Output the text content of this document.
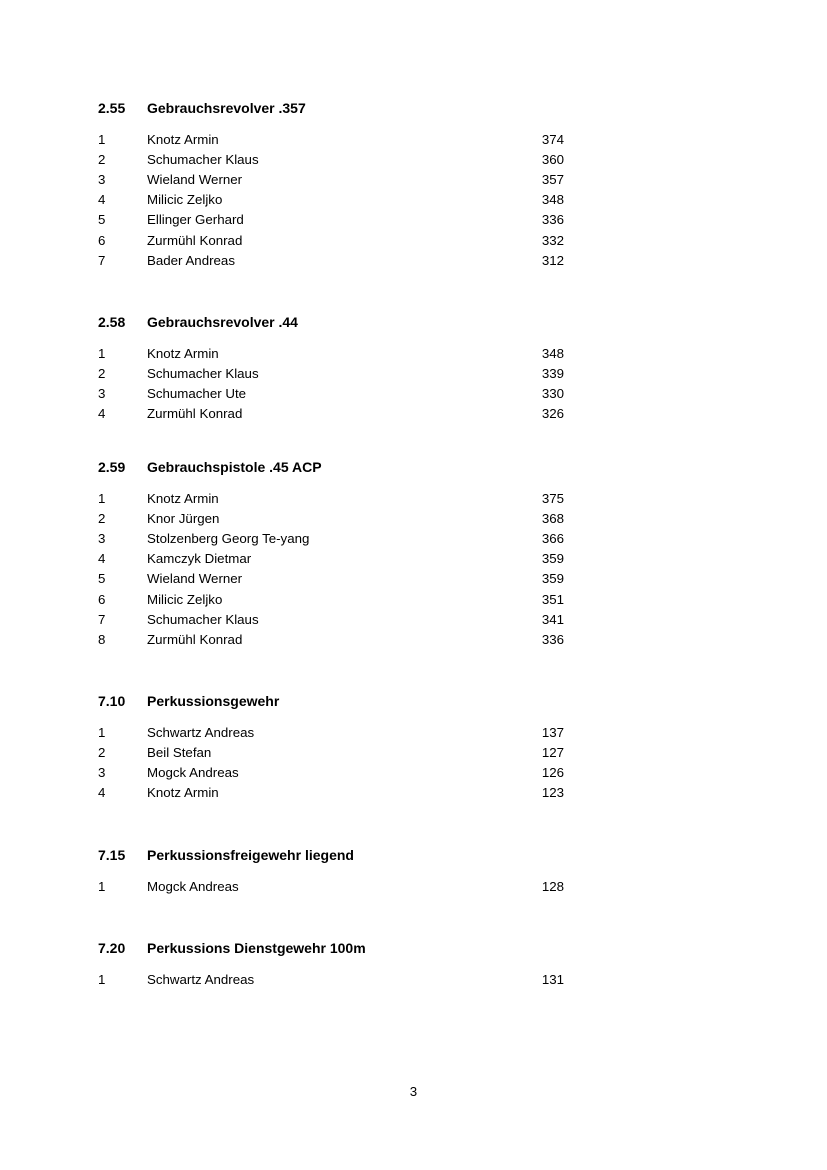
2.55 Gebrauchsrevolver .357
1	Knotz Armin	374
2	Schumacher Klaus	360
3	Wieland Werner	357
4	Milicic Zeljko	348
5	Ellinger Gerhard	336
6	Zurmühl Konrad	332
7	Bader Andreas	312
2.58 Gebrauchsrevolver .44
1	Knotz Armin	348
2	Schumacher Klaus	339
3	Schumacher Ute	330
4	Zurmühl Konrad	326
2.59 Gebrauchspistole .45 ACP
1	Knotz Armin	375
2	Knor Jürgen	368
3	Stolzenberg Georg Te-yang	366
4	Kamczyk Dietmar	359
5	Wieland Werner	359
6	Milicic Zeljko	351
7	Schumacher Klaus	341
8	Zurmühl Konrad	336
7.10 Perkussionsgewehr
1	Schwartz Andreas	137
2	Beil Stefan	127
3	Mogck Andreas	126
4	Knotz Armin	123
7.15 Perkussionsfreigewehr liegend
1	Mogck Andreas	128
7.20 Perkussions Dienstgewehr 100m
1	Schwartz Andreas	131
3
